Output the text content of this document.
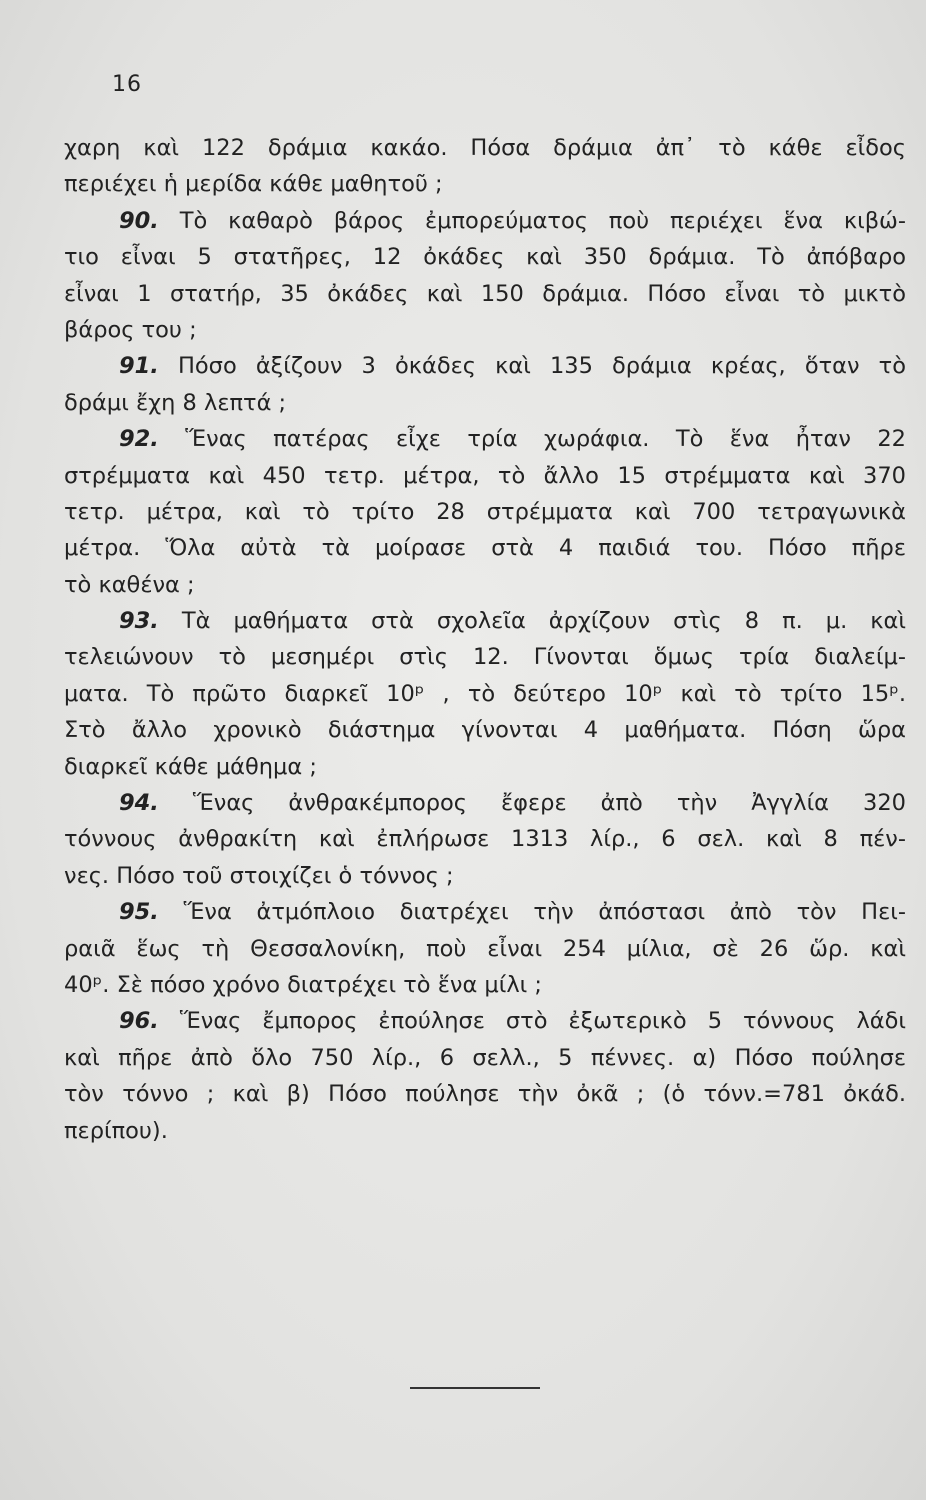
16
χαρη καὶ 122 δράμια κακάο. Πόσα δράμια ἀπ᾽ τὸ κάθε εἶδος
περιέχει ἡ μερίδα κάθε μαθητοῦ ;
90. Τὸ καθαρὸ βάρος ἐμπορεύματος ποὺ περιέχει ἕνα κιβώ-
τιο εἶναι 5 στατῆρες, 12 ὀκάδες καὶ 350 δράμια. Τὸ ἀπόβαρο
εἶναι 1 στατήρ, 35 ὀκάδες καὶ 150 δράμια. Πόσο εἶναι τὸ μικτὸ
βάρος του ;
91. Πόσο ἀξίζουν 3 ὀκάδες καὶ 135 δράμια κρέας, ὅταν τὸ
δράμι ἔχη 8 λεπτά ;
92. Ἕνας πατέρας εἶχε τρία χωράφια. Τὸ ἕνα ἦταν 22
στρέμματα καὶ 450 τετρ. μέτρα, τὸ ἄλλο 15 στρέμματα καὶ 370
τετρ. μέτρα, καὶ τὸ τρίτο 28 στρέμματα καὶ 700 τετραγωνικὰ
μέτρα. Ὅλα αὐτὰ τὰ μοίρασε στὰ 4 παιδιά του. Πόσο πῆρε
τὸ καθένα ;
93. Τὰ μαθήματα στὰ σχολεῖα ἀρχίζουν στὶς 8 π. μ. καὶ
τελειώνουν τὸ μεσημέρι στὶς 12. Γίνονται ὅμως τρία διαλείμ-
ματα. Τὸ πρῶτο διαρκεῖ 10ᵖ , τὸ δεύτερο 10ᵖ καὶ τὸ τρίτο 15ᵖ.
Στὸ ἄλλο χρονικὸ διάστημα γίνονται 4 μαθήματα. Πόση ὥρα
διαρκεῖ κάθε μάθημα ;
94. Ἕνας ἀνθρακέμπορος ἔφερε ἀπὸ τὴν Ἀγγλία 320
τόννους ἀνθρακίτη καὶ ἐπλήρωσε 1313 λίρ., 6 σελ. καὶ 8 πέν-
νες. Πόσο τοῦ στοιχίζει ὁ τόννος ;
95. Ἕνα ἀτμόπλοιο διατρέχει τὴν ἀπόστασι ἀπὸ τὸν Πει-
ραιᾶ ἕως τὴ Θεσσαλονίκη, ποὺ εἶναι 254 μίλια, σὲ 26 ὥρ. καὶ
40ᵖ. Σὲ πόσο χρόνο διατρέχει τὸ ἕνα μίλι ;
96. Ἕνας ἔμπορος ἐπούλησε στὸ ἐξωτερικὸ 5 τόννους λάδι
καὶ πῆρε ἀπὸ ὅλο 750 λίρ., 6 σελλ., 5 πέννες. α) Πόσο πούλησε
τὸν τόννο ; καὶ β) Πόσο πούλησε τὴν ὀκᾶ ; (ὁ τόνν.=781 ὀκάδ.
περίπου).
